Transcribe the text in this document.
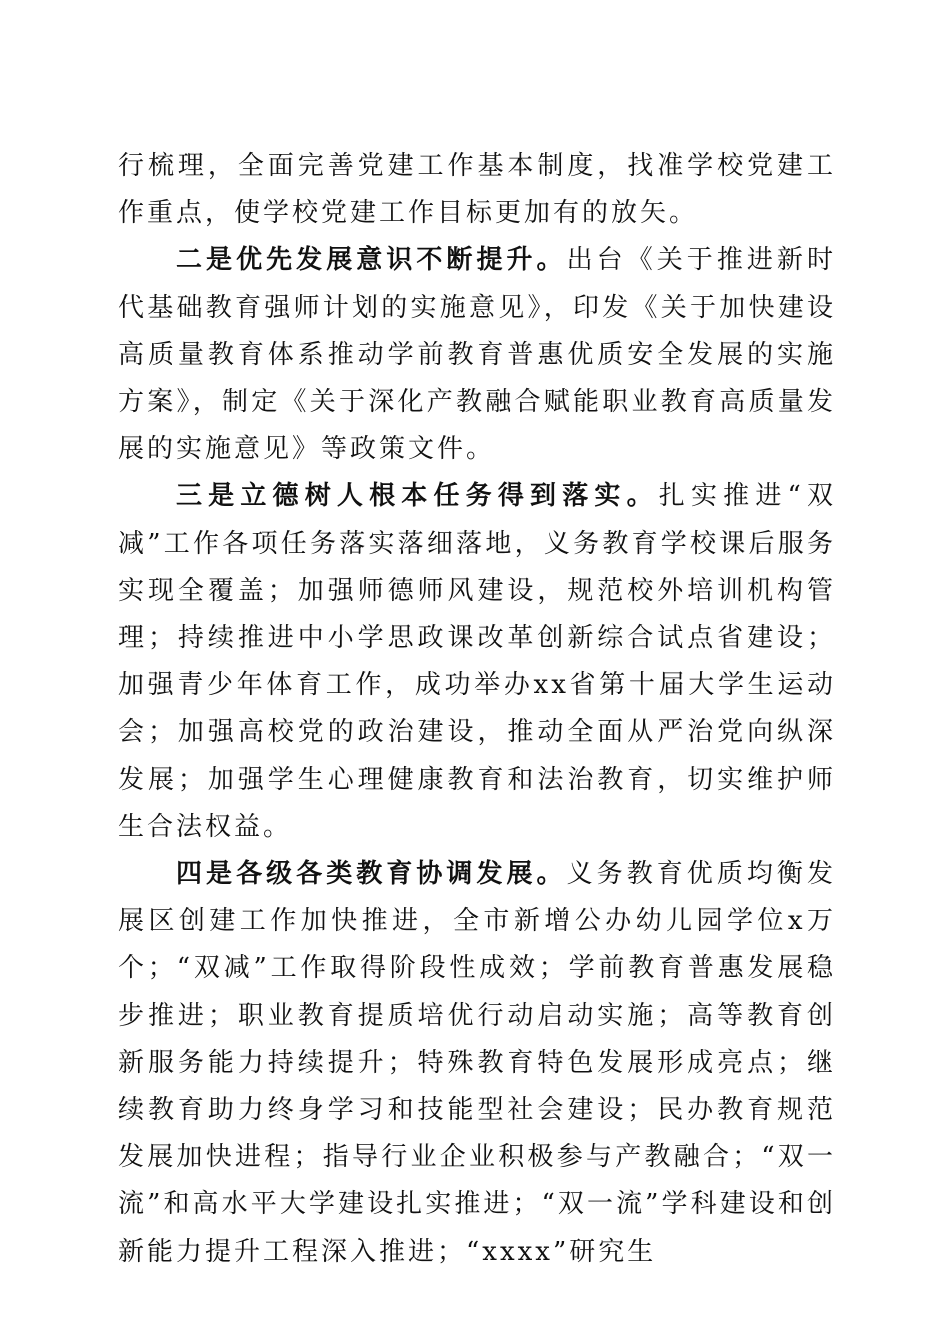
行梳理，全面完善党建工作基本制度，找准学校党建工作重点，使学校党建工作目标更加有的放矢。

二是优先发展意识不断提升。出台《关于推进新时代基础教育强师计划的实施意见》，印发《关于加快建设高质量教育体系推动学前教育普惠优质安全发展的实施方案》，制定《关于深化产教融合赋能职业教育高质量发展的实施意见》等政策文件。

三是立德树人根本任务得到落实。扎实推进“双减”工作各项任务落实落细落地，义务教育学校课后服务实现全覆盖；加强师德师风建设，规范校外培训机构管理；持续推进中小学思政课改革创新综合试点省建设；加强青少年体育工作，成功举办xx省第十届大学生运动会；加强高校党的政治建设，推动全面从严治党向纵深发展；加强学生心理健康教育和法治教育，切实维护师生合法权益。

四是各级各类教育协调发展。义务教育优质均衡发展区创建工作加快推进，全市新增公办幼儿园学位x万个；“双减”工作取得阶段性成效；学前教育普惠发展稳步推进；职业教育提质培优行动启动实施；高等教育创新服务能力持续提升；特殊教育特色发展形成亮点；继续教育助力终身学习和技能型社会建设；民办教育规范发展加快进程；指导行业企业积极参与产教融合；“双一流”和高水平大学建设扎实推进；“双一流”学科建设和创新能力提升工程深入推进；“xxxx”研究生
